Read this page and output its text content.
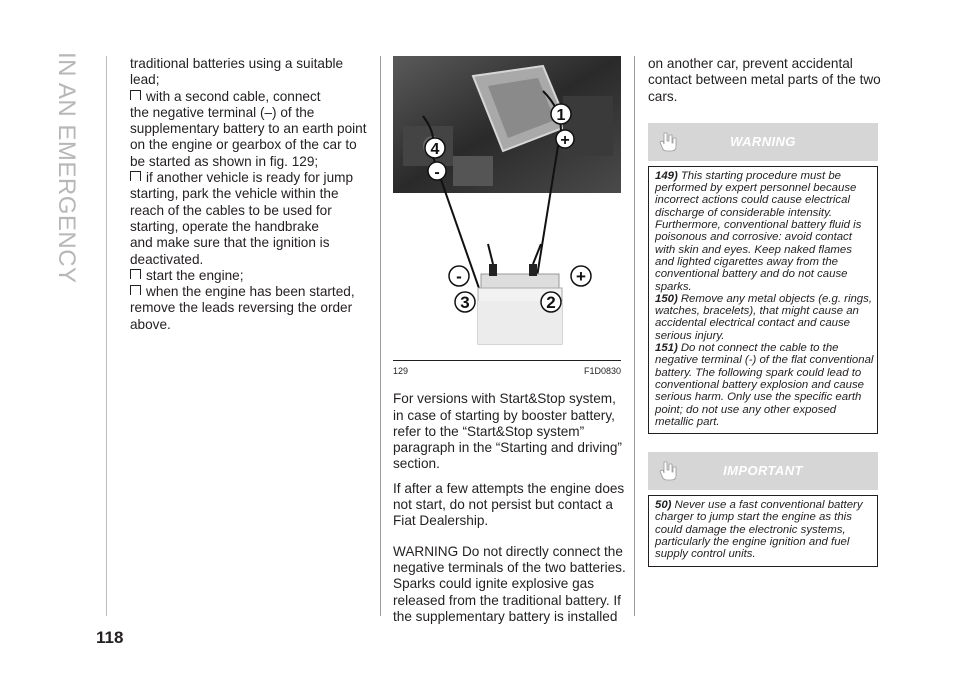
IN AN EMERGENCY
118
traditional batteries using a suitable
lead;
with a second cable, connect
the negative terminal (–) of the
supplementary battery to an earth point
on the engine or gearbox of the car to
be started as shown in fig. 129;
if another vehicle is ready for jump
starting, park the vehicle within the
reach of the cables to be used for
starting, operate the handbrake
and make sure that the ignition is
deactivated.
start the engine;
when the engine has been started,
remove the leads reversing the order
above.
1
+
4
-
-	+
3	2
129	F1D0830
For versions with Start&Stop system,
in case of starting by booster battery,
refer to the “Start&Stop system”
paragraph in the “Starting and driving”
section.
If after a few attempts the engine does
not start, do not persist but contact a
Fiat Dealership.
WARNING Do not directly connect the
negative terminals of the two batteries.
Sparks could ignite explosive gas
released from the traditional battery. If
the supplementary battery is installed
on another car, prevent accidental
contact between metal parts of the two
cars.
WARNING
149) This starting procedure must be
performed by expert personnel because
incorrect actions could cause electrical
discharge of considerable intensity.
Furthermore, conventional battery fluid is
poisonous and corrosive: avoid contact
with skin and eyes. Keep naked flames
and lighted cigarettes away from the
conventional battery and do not cause
sparks.
150) Remove any metal objects (e.g. rings,
watches, bracelets), that might cause an
accidental electrical contact and cause
serious injury.
151) Do not connect the cable to the
negative terminal (-) of the flat conventional
battery. The following spark could lead to
conventional battery explosion and cause
serious harm. Only use the specific earth
point; do not use any other exposed
metallic part.
IMPORTANT
50) Never use a fast conventional battery
charger to jump start the engine as this
could damage the electronic systems,
particularly the engine ignition and fuel
supply control units.
